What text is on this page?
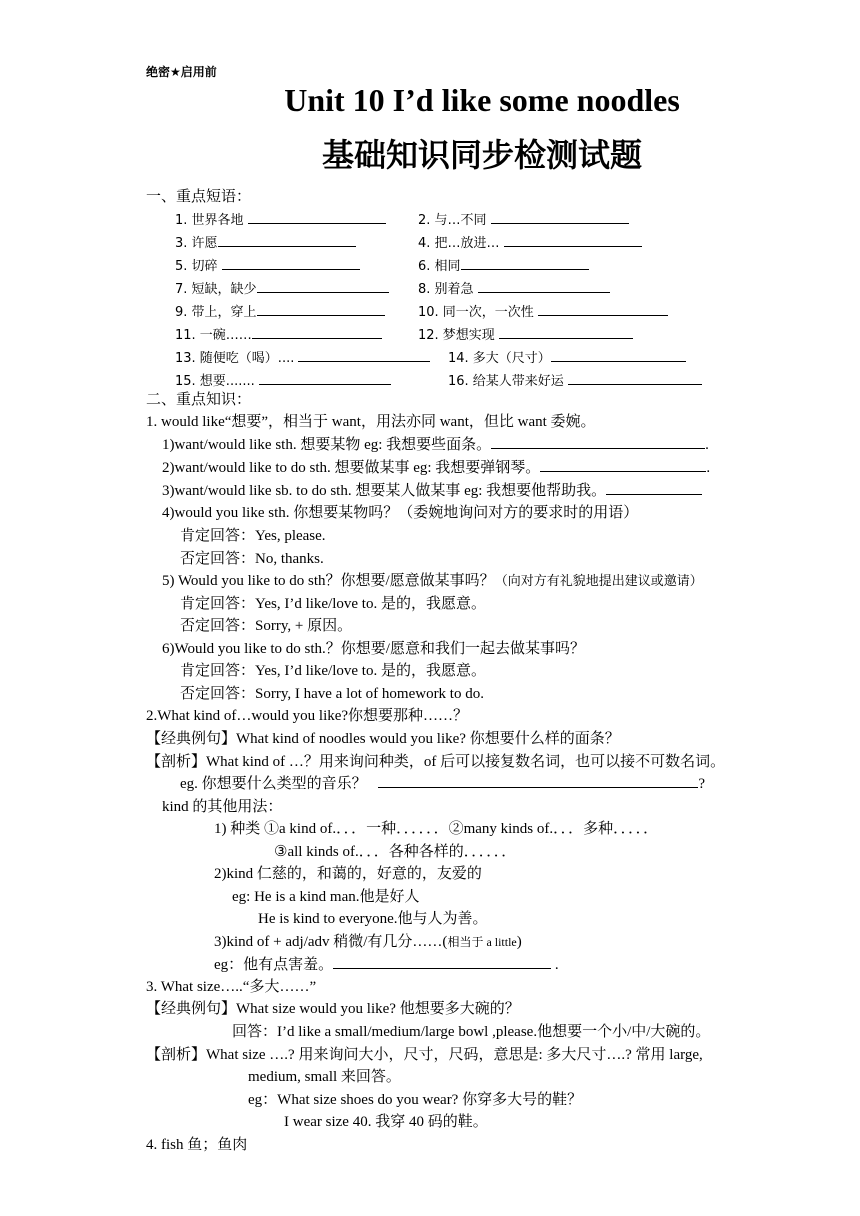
绝密★启用前
Unit 10 I’d like some noodles
基础知识同步检测试题
一、重点短语：
1. 世界各地	2. 与…不同
3. 许愿	4. 把…放进…
5. 切碎	6. 相同
7. 短缺，缺少	8. 别着急
9. 带上，穿上	10. 同一次，一次性
11. 一碗……	12. 梦想实现
13. 随便吃（喝）....	14. 多大（尺寸）
15. 想要.......	16. 给某人带来好运
二、重点知识：
1. would like“想要”，相当于 want，用法亦同 want，但比 want 委婉。
1)want/would like sth. 想要某物 eg: 我想要些面条。	.
2)want/would like to do sth. 想要做某事 eg: 我想要弹钢琴。	.
3)want/would like sb. to do sth. 想要某人做某事 eg: 我想要他帮助我。
4)would you like sth. 你想要某物吗？（委婉地询问对方的要求时的用语）
肯定回答：Yes, please.
否定回答：No, thanks.
5) Would you like to do sth？你想要/愿意做某事吗？（向对方有礼貌地提出建议或邀请）
肯定回答：Yes, I’d like/love to. 是的，我愿意。
否定回答：Sorry, + 原因。
6)Would you like to do sth.？你想要/愿意和我们一起去做某事吗？
肯定回答：Yes, I’d like/love to. 是的，我愿意。
否定回答：Sorry, I have a lot of homework to do.
2.What kind of…would you like?你想要那种……？
【经典例句】What kind of noodles would you like? 你想要什么样的面条？
【剖析】What kind of …？用来询问种类，of 后可以接复数名词，也可以接不可数名词。
eg. 你想要什么类型的音乐？	?
kind 的其他用法：
1) 种类 ①a kind of.．．．一种．．．．．．②many kinds of.．．．多种．．．．．
③all kinds of.．．．各种各样的．．．．．．
2)kind 仁慈的，和蔼的，好意的，友爱的
eg: He is a kind man.他是好人
He is kind to everyone.他与人为善。
3)kind of + adj/adv 稍微/有几分……(相当于 a little)
eg：他有点害羞。	.
3. What size…..“多大……”
【经典例句】What size would you like? 他想要多大碗的？
回答：I’d like a small/medium/large bowl ,please.他想要一个小/中/大碗的。
【剖析】What size ….? 用来询问大小，尺寸，尺码，意思是: 多大尺寸….? 常用 large,
medium, small 来回答。
eg：What size shoes do you wear? 你穿多大号的鞋？
I wear size 40. 我穿 40 码的鞋。
4. fish 鱼；鱼肉
